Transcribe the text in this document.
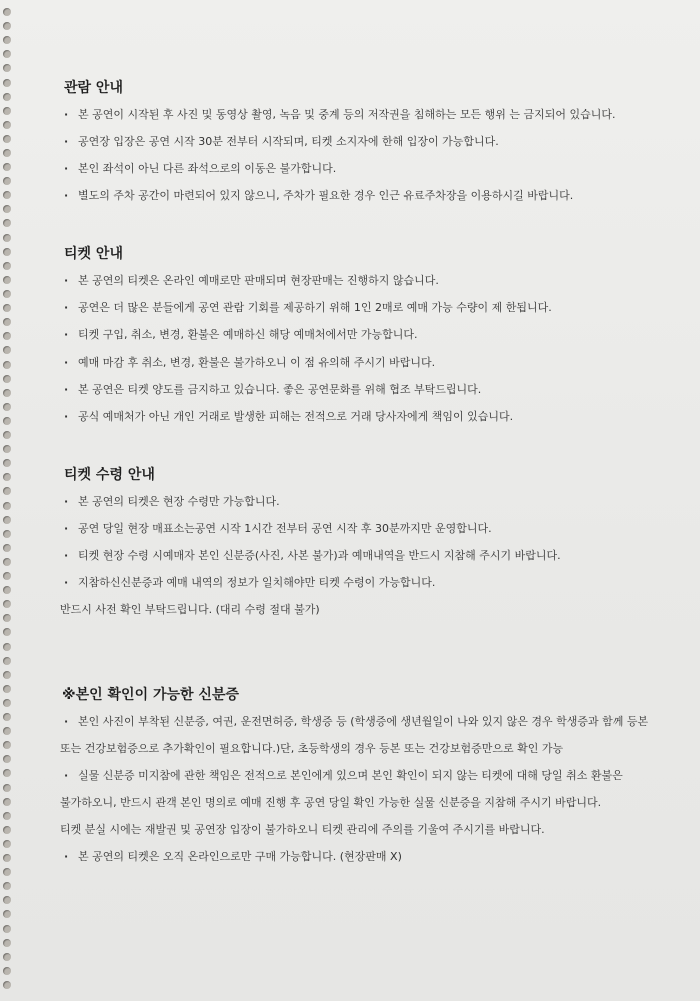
관람 안내

· 본 공연이 시작된 후 사진 및 동영상 촬영, 녹음 및 중계 등의 저작권을 침해하는 모든 행위 는 금지되어 있습니다.

· 공연장 입장은 공연 시작 30분 전부터 시작되며, 티켓 소지자에 한해 입장이 가능합니다.

· 본인 좌석이 아닌 다른 좌석으로의 이동은 불가합니다.

· 별도의 주차 공간이 마련되어 있지 않으니, 주차가 필요한 경우 인근 유료주차장을 이용하시길 바랍니다.

티켓 안내

· 본 공연의 티켓은 온라인 예매로만 판매되며 현장판매는 진행하지 않습니다.

· 공연은 더 많은 분들에게 공연 관람 기회를 제공하기 위해 1인 2매로 예매 가능 수량이 제 한됩니다.

· 티켓 구입, 취소, 변경, 환불은 예매하신 해당 예매처에서만 가능합니다.

· 예매 마감 후 취소, 변경, 환불은 불가하오니 이 점 유의해 주시기 바랍니다.

· 본 공연은 티켓 양도를 금지하고 있습니다. 좋은 공연문화를 위해 협조 부탁드립니다.

· 공식 예매처가 아닌 개인 거래로 발생한 피해는 전적으로 거래 당사자에게 책임이 있습니다.

티켓 수령 안내

· 본 공연의 티켓은 현장 수령만 가능합니다.

· 공연 당일 현장 매표소는공연 시작 1시간 전부터 공연 시작 후 30분까지만 운영합니다.

· 티켓 현장 수령 시예매자 본인 신분증(사진, 사본 불가)과 예매내역을 반드시 지참해 주시기 바랍니다.

· 지참하신신분증과 예매 내역의 정보가 일치해야만 티켓 수령이 가능합니다.

반드시 사전 확인 부탁드립니다. (대리 수령 절대 불가)

※본인 확인이 가능한 신분증

· 본인 사진이 부착된 신분증, 여권, 운전면허증, 학생증 등 (학생증에 생년월일이 나와 있지 않은 경우 학생증과 함께 등본

또는 건강보험증으로 추가확인이 필요합니다.)단, 초등학생의 경우 등본 또는 건강보험증만으로 확인 가능

· 실물 신분증 미지참에 관한 책임은 전적으로 본인에게 있으며 본인 확인이 되지 않는 티켓에 대해 당일 취소 환불은

불가하오니, 반드시 관객 본인 명의로 예매 진행 후 공연 당일 확인 가능한 실물 신분증을 지참해 주시기 바랍니다.

티켓 분실 시에는 재발권 및 공연장 입장이 불가하오니 티켓 관리에 주의를 기울여 주시기를 바랍니다.

· 본 공연의 티켓은 오직 온라인으로만 구매 가능합니다. (현장판매 X)
